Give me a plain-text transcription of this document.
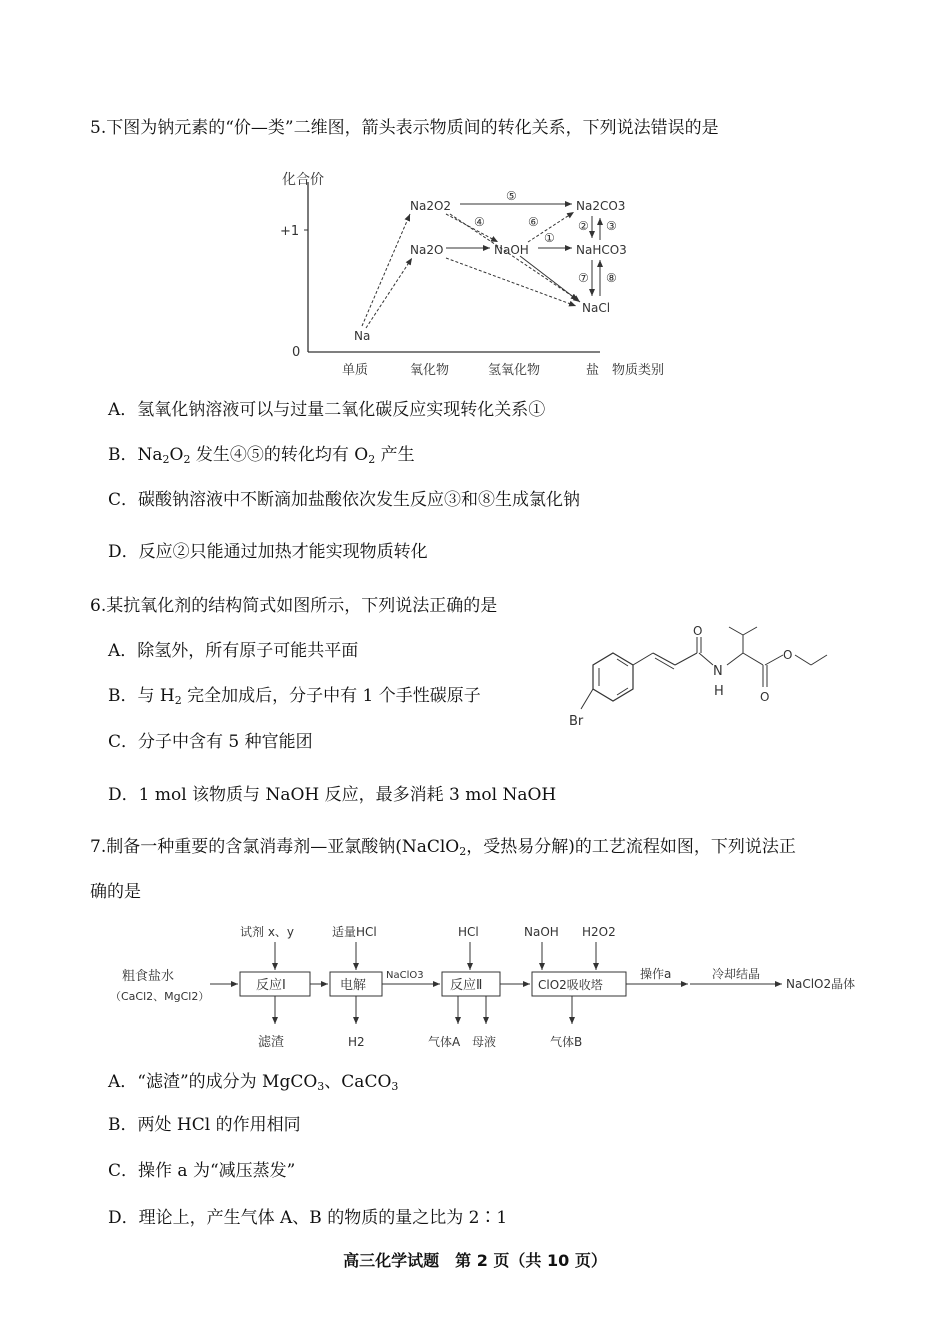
5.下图为钠元素的“价—类”二维图，箭头表示物质间的转化关系，下列说法错误的是
化合价
+1
0
单质	氧化物	氢氧化物	盐 物质类别
Na
Na2O2
Na2O	NaOH
Na2CO3
NaHCO3
NaCl
①
② ③
④
⑤
⑥
⑦ ⑧
A．氢氧化钠溶液可以与过量二氧化碳反应实现转化关系①
B．$Na_2O_2$ 发生④⑤的转化均有 $O_2$ 产生
C．碳酸钠溶液中不断滴加盐酸依次发生反应③和⑧生成氯化钠
D．反应②只能通过加热才能实现物质转化
6.某抗氧化剂的结构简式如图所示，下列说法正确的是
A．除氢外，所有原子可能共平面
B．与 $H_2$ 完全加成后，分子中有 1 个手性碳原子
C．分子中含有 5 种官能团
D．1 mol 该物质与 NaOH 反应，最多消耗 3 mol NaOH
Br
O
N
H	O
O
7.制备一种重要的含氯消毒剂—亚氯酸钠(NaClO$_2$，受热易分解)的工艺流程如图，下列说法正
确的是
粗食盐水
（CaCl2、MgCl2）
反应Ⅰ
试剂 x、y
滤渣
电解
适量HCl
H2
NaClO3
反应Ⅱ
HCl
气体A 母液
ClO2吸收塔
NaOH H2O2
气体B
操作a	冷却结晶
NaClO2晶体
A．“滤渣”的成分为 MgCO$_3$、CaCO$_3$
B．两处 HCl 的作用相同
C．操作 a 为“减压蒸发”
D．理论上，产生气体 A、B 的物质的量之比为 2∶1
高三化学试题　第 2 页（共 10 页）
